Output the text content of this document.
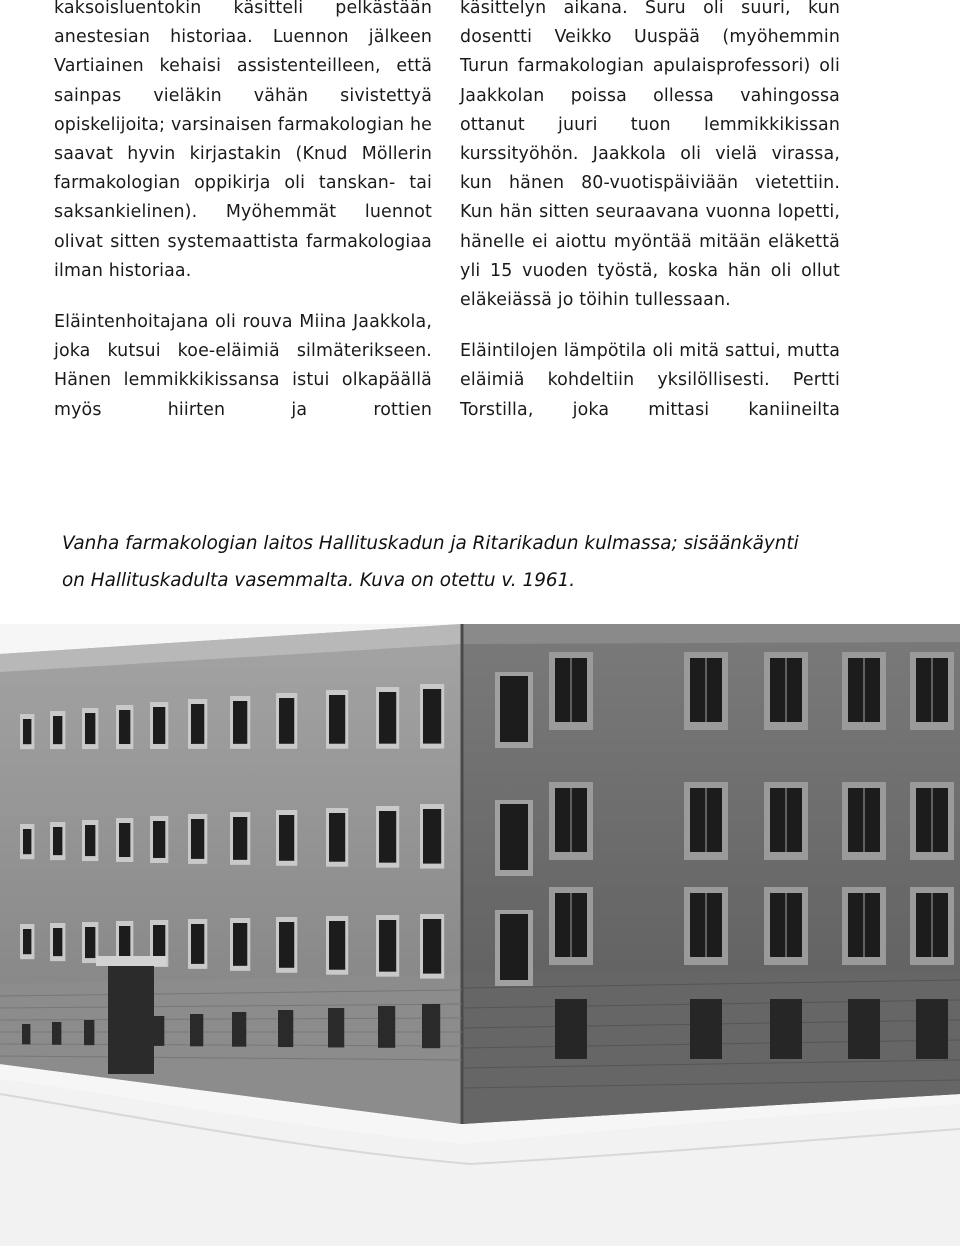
kaksoisluentokin käsitteli pelkästään anestesian historiaa. Luennon jälkeen Vartiainen kehaisi assistenteilleen, että sainpas vieläkin vähän sivistettyä opiskelijoita; varsinaisen farmakologian he saavat hyvin kirjastakin (Knud Möllerin farmakologian oppikirja oli tanskan- tai saksankielinen). Myöhemmät luennot olivat sitten systemaattista farmakologiaa ilman historiaa.

Eläintenhoitajana oli rouva Miina Jaakkola, joka kutsui koe-eläimiä silmäterikseen. Hänen lemmikkikissansa istui olkapäällä myös hiirten ja rottien

käsittelyn aikana. Suru oli suuri, kun dosentti Veikko Uuspää (myöhemmin Turun farmakologian apulaisprofessori) oli Jaakkolan poissa ollessa vahingossa ottanut juuri tuon lemmikkikissan kurssityöhön. Jaakkola oli vielä virassa, kun hänen 80-vuotispäiviään vietettiin. Kun hän sitten seuraavana vuonna lopetti, hänelle ei aiottu myöntää mitään eläkettä yli 15 vuoden työstä, koska hän oli ollut eläkeiässä jo töihin tullessaan.

Eläintilojen lämpötila oli mitä sattui, mutta eläimiä kohdeltiin yksilöllisesti. Pertti Torstilla, joka mittasi kaniineilta

Vanha farmakologian laitos Hallituskadun ja Ritarikadun kulmassa; sisäänkäynti
on Hallituskadulta vasemmalta. Kuva on otettu v. 1961.
